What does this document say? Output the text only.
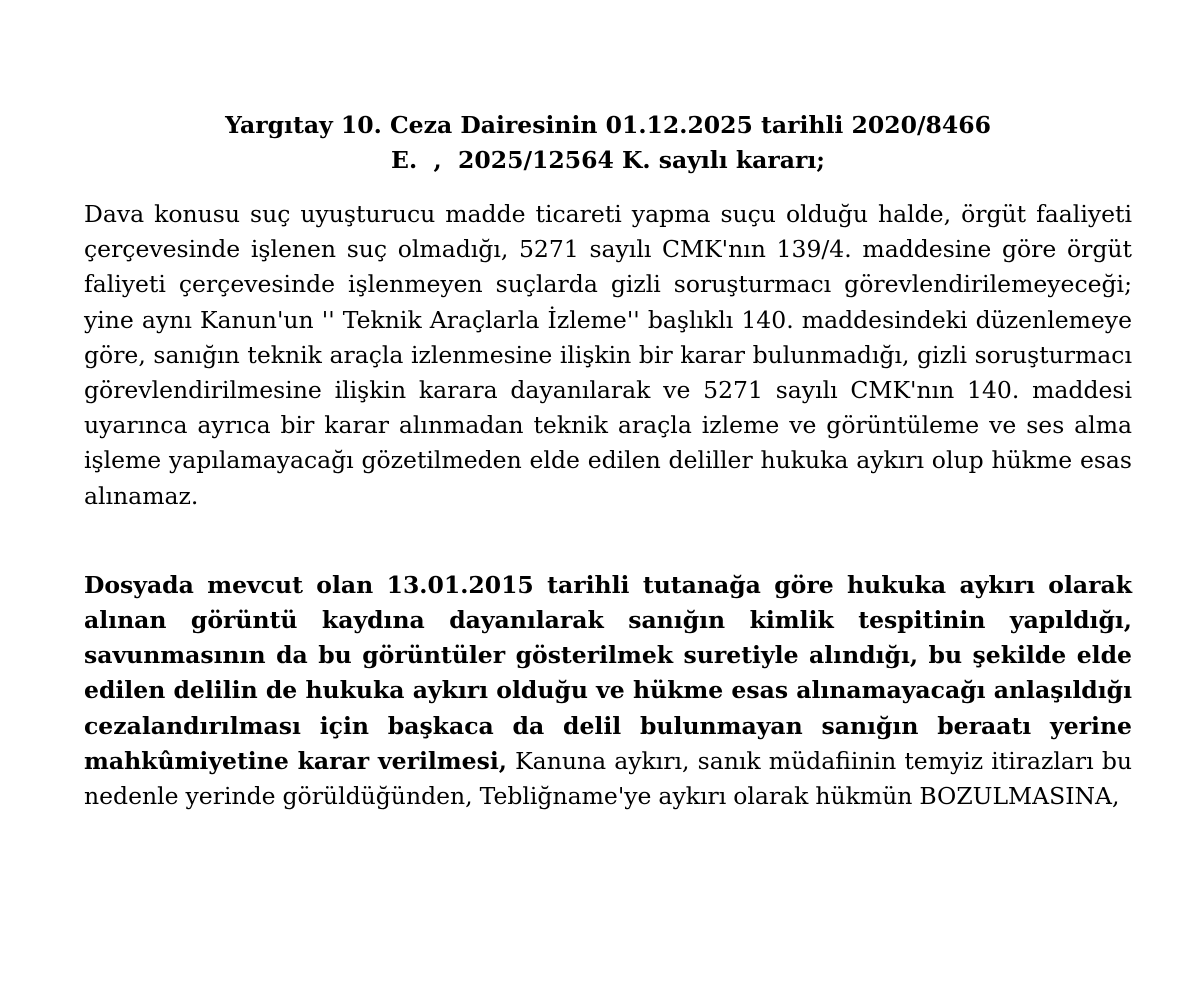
Yargıtay 10. Ceza Dairesinin 01.12.2025 tarihli 2020/8466
E.  ,  2025/12564 K. sayılı kararı;

Dava konusu suç uyuşturucu madde ticareti yapma suçu olduğu halde, örgüt faaliyeti çerçevesinde işlenen suç olmadığı, 5271 sayılı CMK'nın 139/4. maddesine göre örgüt faliyeti çerçevesinde işlenmeyen suçlarda gizli soruşturmacı görevlendirilemeyeceği; yine aynı Kanun'un '' Teknik Araçlarla İzleme'' başlıklı 140. maddesindeki düzenlemeye göre, sanığın teknik araçla izlenmesine ilişkin bir karar bulunmadığı, gizli soruşturmacı görevlendirilmesine ilişkin karara dayanılarak ve 5271 sayılı CMK'nın 140. maddesi uyarınca ayrıca bir karar alınmadan teknik araçla izleme ve görüntüleme ve ses alma işleme yapılamayacağı gözetilmeden elde edilen deliller hukuka aykırı olup hükme esas alınamaz.

Dosyada mevcut olan 13.01.2015 tarihli tutanağa göre hukuka aykırı olarak alınan görüntü kaydına dayanılarak sanığın kimlik tespitinin yapıldığı, savunmasının da bu görüntüler gösterilmek suretiyle alındığı, bu şekilde elde edilen delilin de hukuka aykırı olduğu ve hükme esas alınamayacağı anlaşıldığı cezalandırılması için başkaca da delil bulunmayan sanığın beraatı yerine mahkûmiyetine karar verilmesi, Kanuna aykırı, sanık müdafiinin temyiz itirazları bu nedenle yerinde görüldüğünden, Tebliğname'ye aykırı olarak hükmün BOZULMASINA,
